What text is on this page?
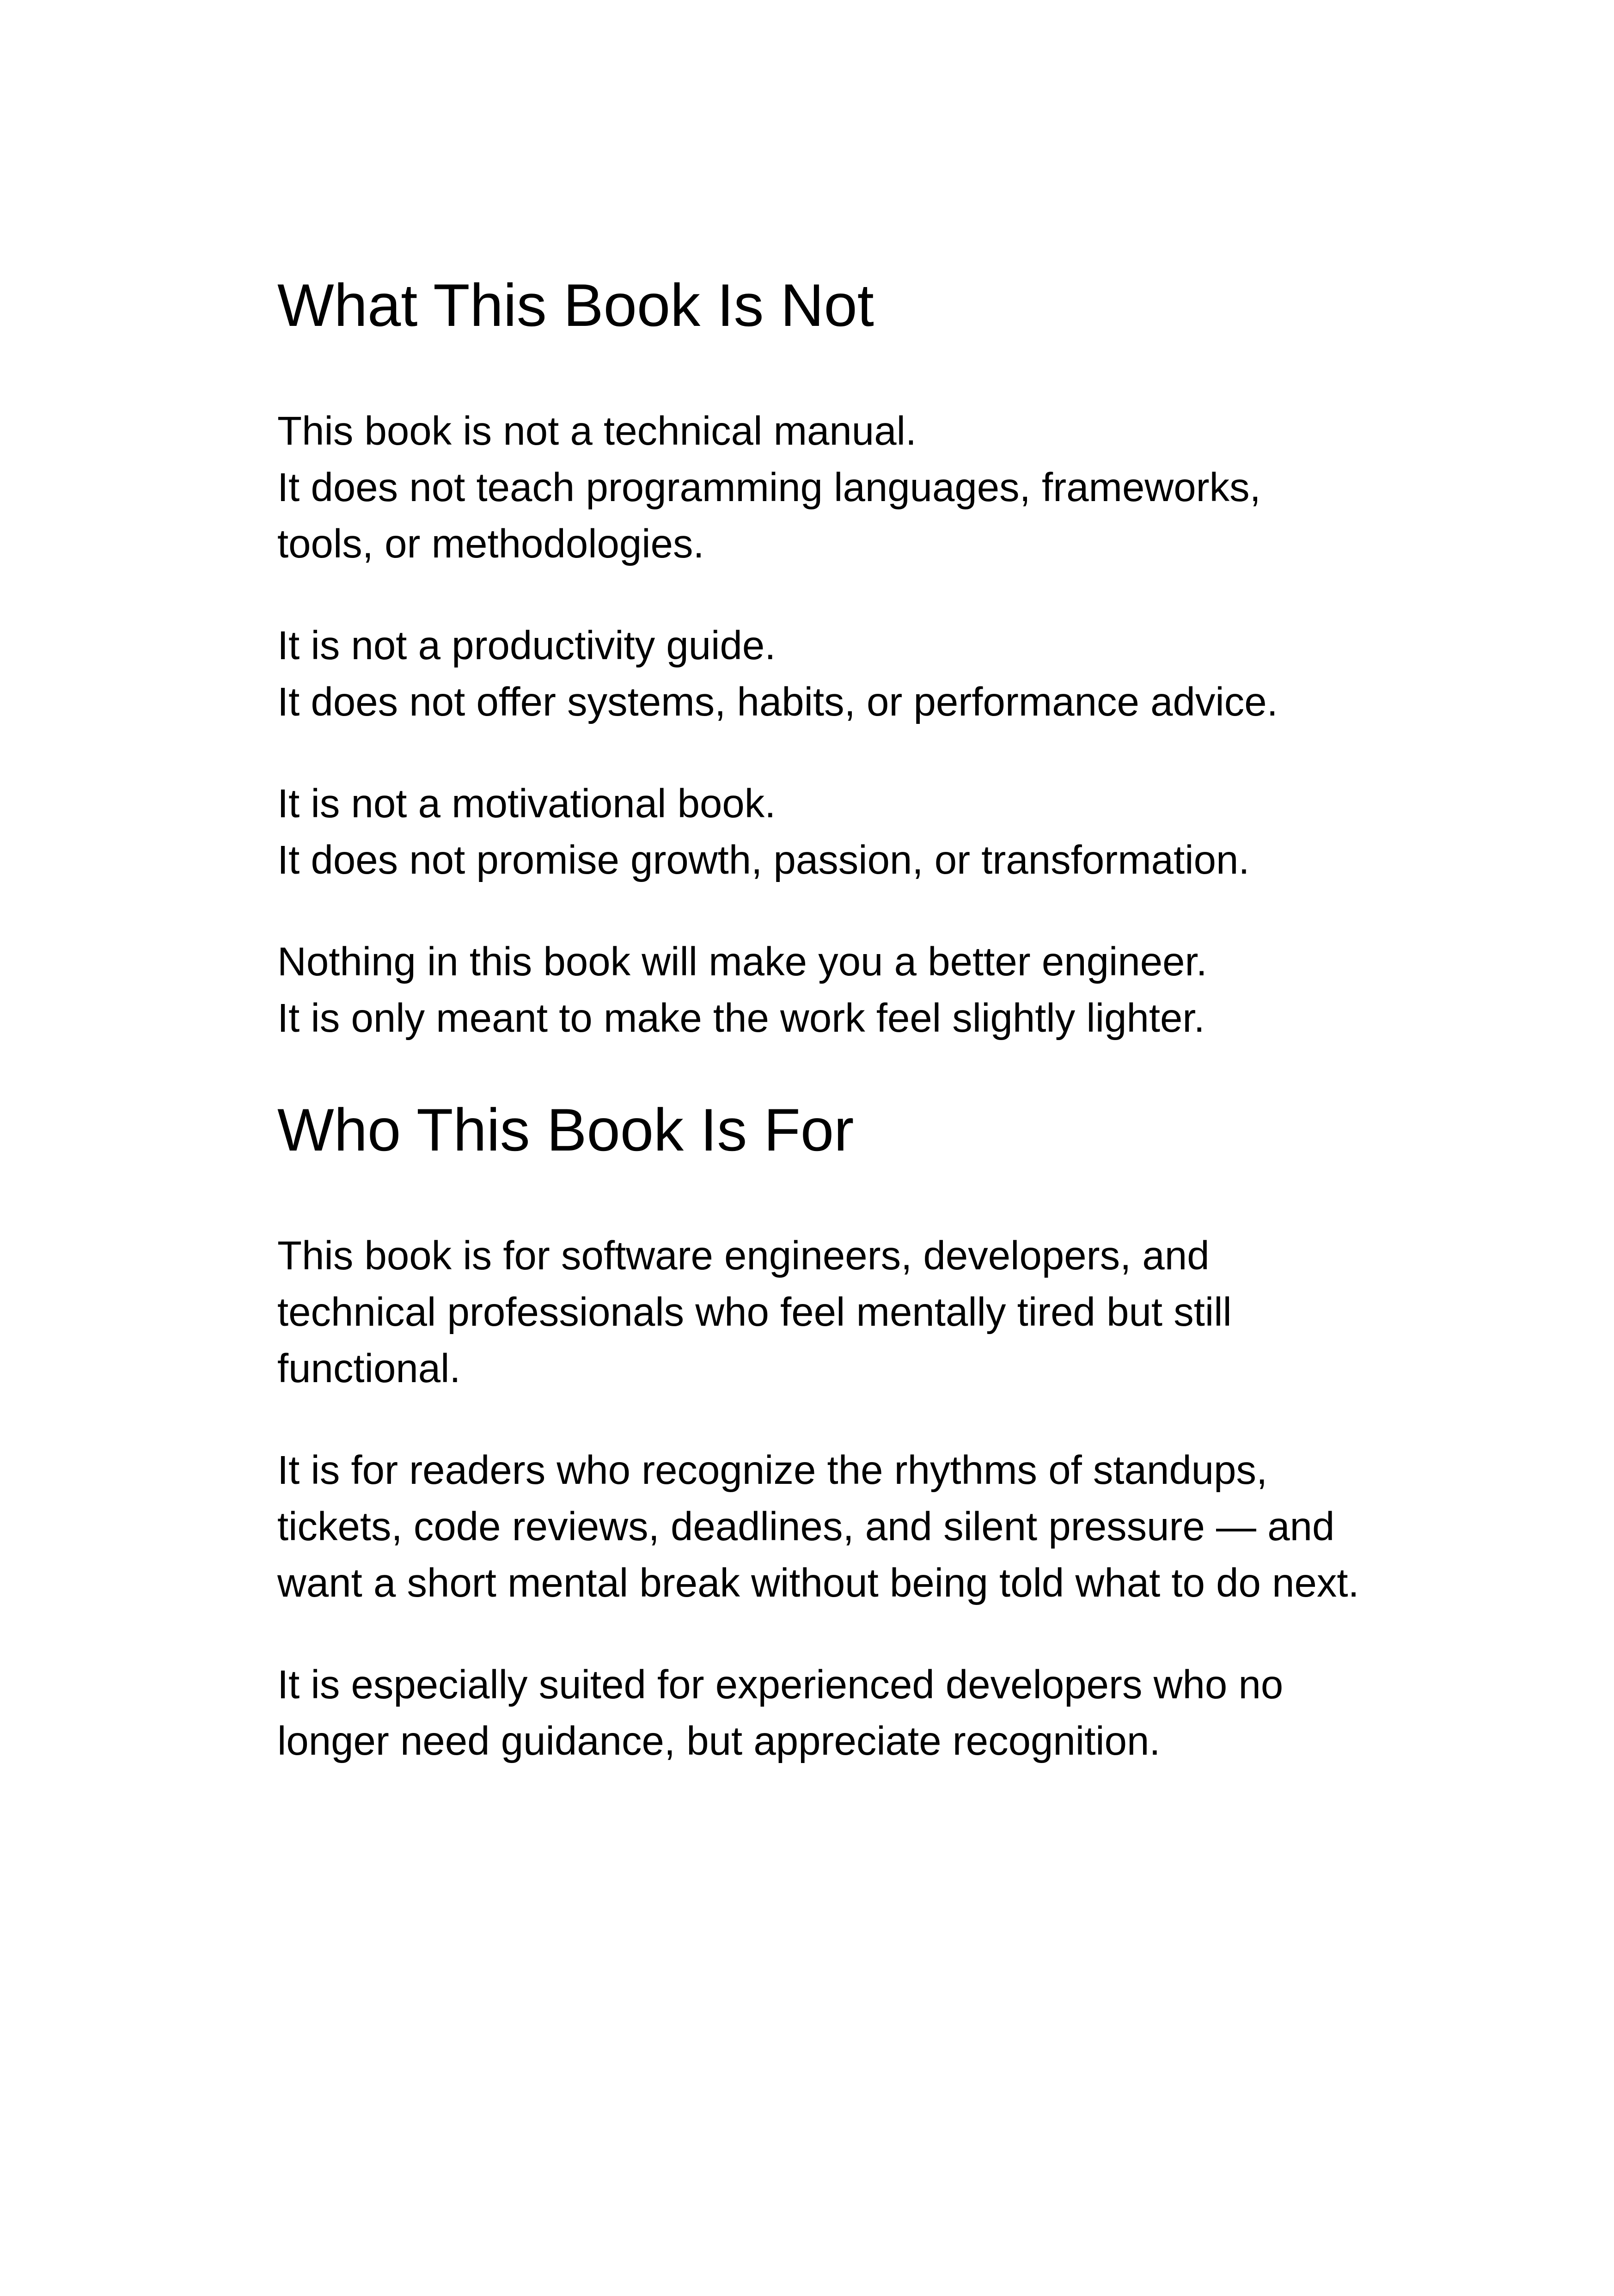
What This Book Is Not

This book is not a technical manual.
It does not teach programming languages, frameworks, tools, or methodologies.

It is not a productivity guide.
It does not offer systems, habits, or performance advice.

It is not a motivational book.
It does not promise growth, passion, or transformation.

Nothing in this book will make you a better engineer.
It is only meant to make the work feel slightly lighter.

Who This Book Is For

This book is for software engineers, developers, and technical professionals who feel mentally tired but still functional.

It is for readers who recognize the rhythms of standups, tickets, code reviews, deadlines, and silent pressure — and want a short mental break without being told what to do next.

It is especially suited for experienced developers who no longer need guidance, but appreciate recognition.
